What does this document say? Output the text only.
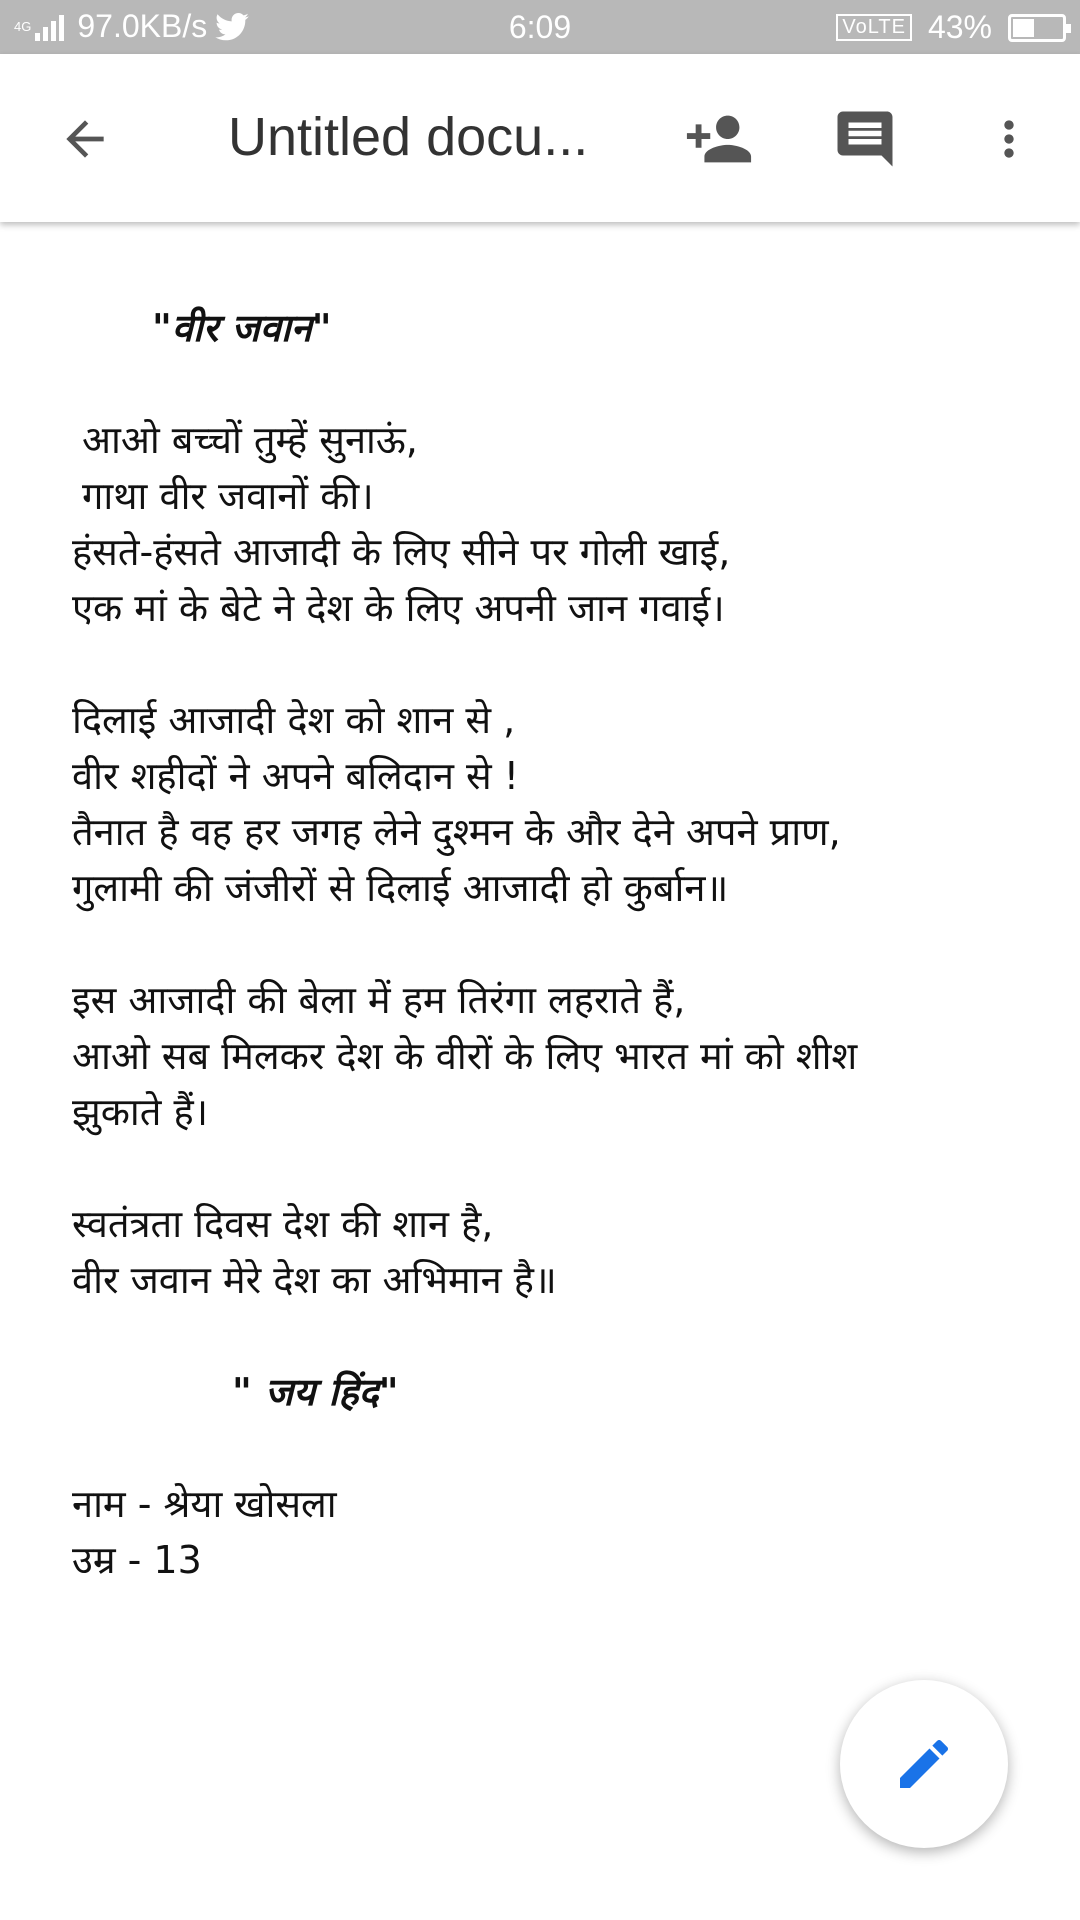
4G 97.0KB/s	6:09	VoLTE 43%
Untitled docu...
"वीर जवान"
आओ बच्चों तुम्हें सुनाऊं,
गाथा वीर जवानों की।
हंसते-हंसते आजादी के लिए सीने पर गोली खाई,
एक मां के बेटे ने देश के लिए अपनी जान गवाई।
दिलाई आजादी देश को शान से ,
वीर शहीदों ने अपने बलिदान से !
तैनात है वह हर जगह लेने दुश्मन के और देने अपने प्राण,
गुलामी की जंजीरों से दिलाई आजादी हो कुर्बान॥
इस आजादी की बेला में हम तिरंगा लहराते हैं,
आओ सब मिलकर देश के वीरों के लिए भारत मां को शीश
झुकाते हैं।
स्वतंत्रता दिवस देश की शान है,
वीर जवान मेरे देश का अभिमान है॥
" जय हिंद"
नाम - श्रेया खोसला
उम्र - 13
